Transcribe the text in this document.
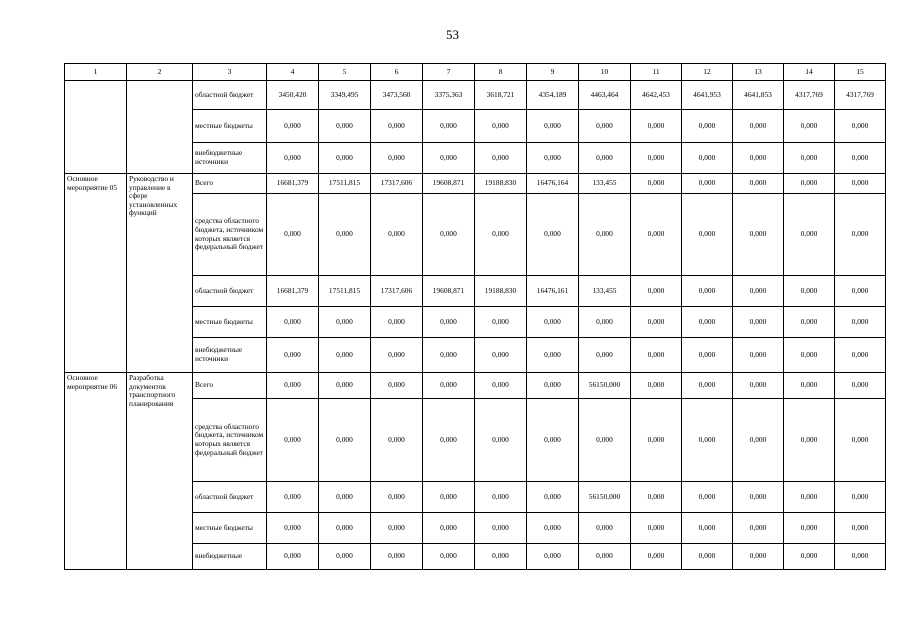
53
1	2	3	4	5	6	7	8	9	10	11	12	13	14	15
		областной бюджет	3450,420	3349,495	3473,560	3375,363	3618,721	4354,189	4463,464	4642,453	4641,953	4641,853	4317,769	4317,769
		местные бюджеты	0,000	0,000	0,000	0,000	0,000	0,000	0,000	0,000	0,000	0,000	0,000	0,000
		внебюджетные источники	0,000	0,000	0,000	0,000	0,000	0,000	0,000	0,000	0,000	0,000	0,000	0,000
Основное мероприятие 05	Руководство и управление в сфере установленных функций	Всего	16681,379	17511,815	17317,606	19608,871	19188,830	16476,164	133,455	0,000	0,000	0,000	0,000	0,000
		средства областного бюджета, источником которых является федеральный бюджет	0,000	0,000	0,000	0,000	0,000	0,000	0,000	0,000	0,000	0,000	0,000	0,000
		областной бюджет	16681,379	17511,815	17317,606	19608,871	19188,830	16476,161	133,455	0,000	0,000	0,000	0,000	0,000
		местные бюджеты	0,000	0,000	0,000	0,000	0,000	0,000	0,000	0,000	0,000	0,000	0,000	0,000
		внебюджетные источники	0,000	0,000	0,000	0,000	0,000	0,000	0,000	0,000	0,000	0,000	0,000	0,000
Основное мероприятие 06	Разработка документов транспортного планирования	Всего	0,000	0,000	0,000	0,000	0,000	0,000	56150,000	0,000	0,000	0,000	0,000	0,000
		средства областного бюджета, источником которых является федеральный бюджет	0,000	0,000	0,000	0,000	0,000	0,000	0,000	0,000	0,000	0,000	0,000	0,000
		областной бюджет	0,000	0,000	0,000	0,000	0,000	0,000	56150,000	0,000	0,000	0,000	0,000	0,000
		местные бюджеты	0,000	0,000	0,000	0,000	0,000	0,000	0,000	0,000	0,000	0,000	0,000	0,000
		внебюджетные	0,000	0,000	0,000	0,000	0,000	0,000	0,000	0,000	0,000	0,000	0,000	0,000
